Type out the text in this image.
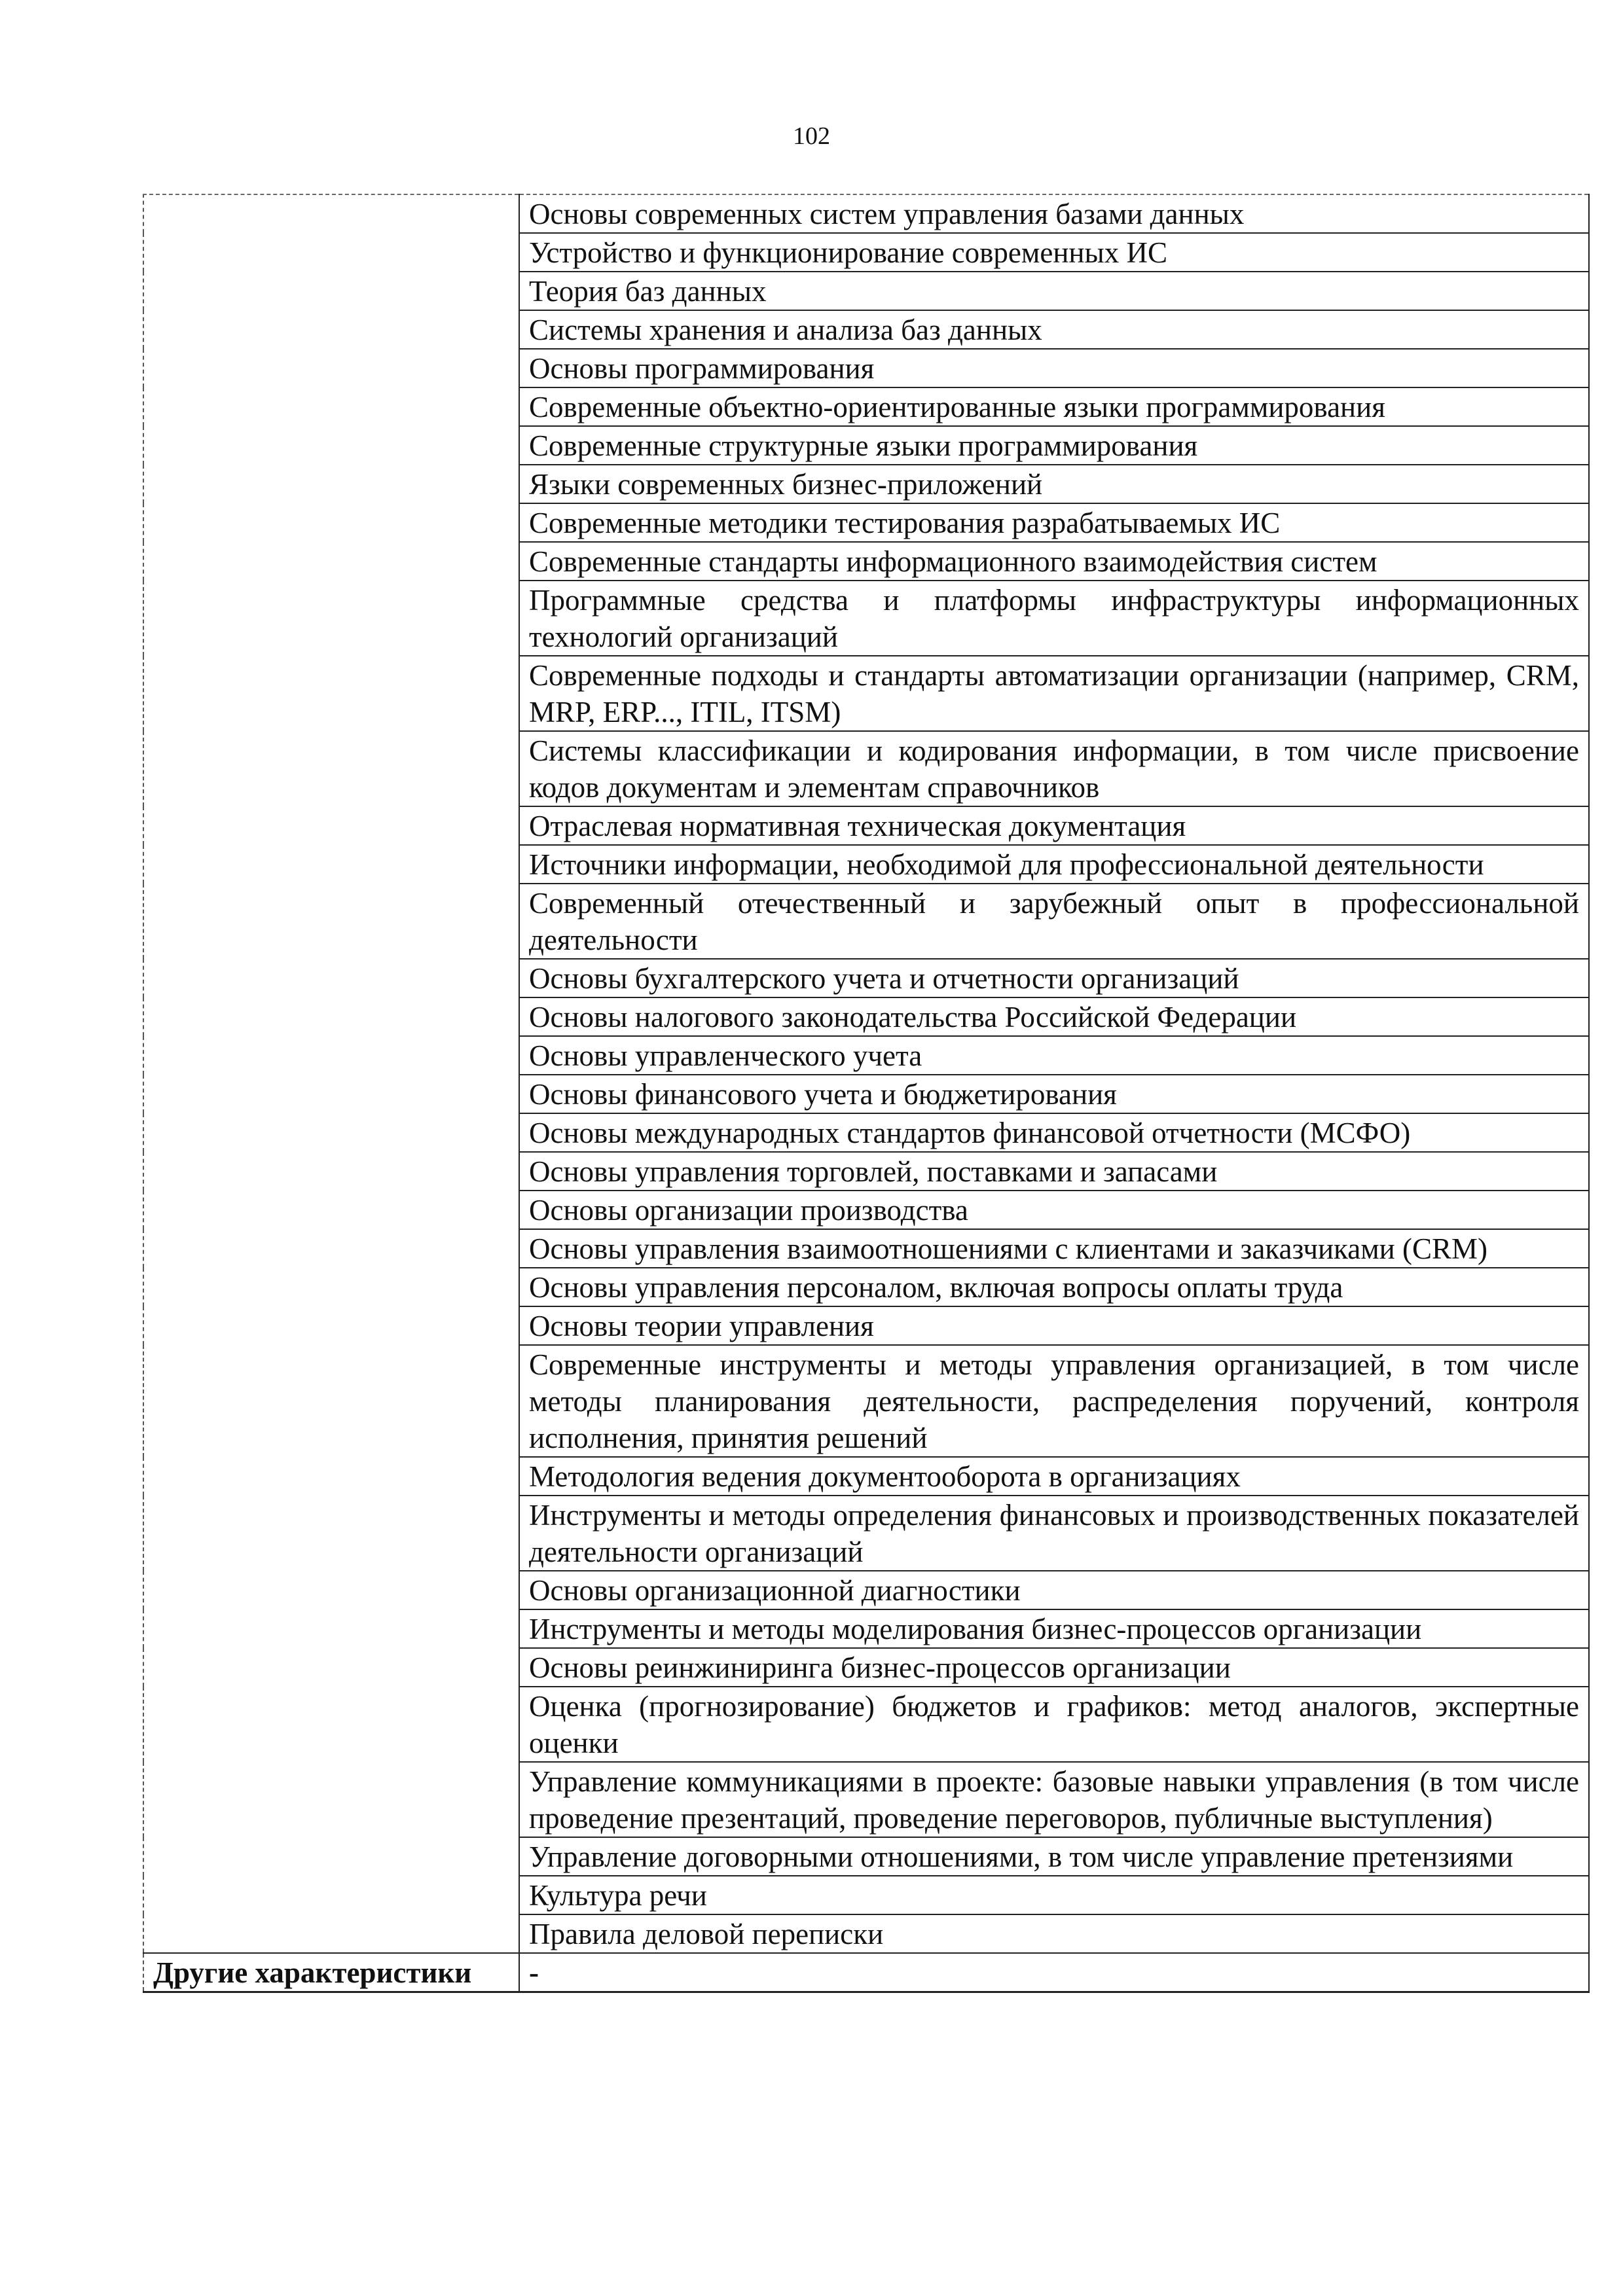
102
	Основы современных систем управления базами данных
	Устройство и функционирование современных ИС
	Теория баз данных
	Системы хранения и анализа баз данных
	Основы программирования
	Современные объектно-ориентированные языки программирования
	Современные структурные языки программирования
	Языки современных бизнес-приложений
	Современные методики тестирования разрабатываемых ИС
	Современные стандарты информационного взаимодействия систем
	Программные средства и платформы инфраструктуры информационных технологий организаций
	Современные подходы и стандарты автоматизации организации (например, CRM, MRP, ERP..., ITIL, ITSM)
	Системы классификации и кодирования информации, в том числе присвоение кодов документам и элементам справочников
	Отраслевая нормативная техническая документация
	Источники информации, необходимой для профессиональной деятельности
	Современный отечественный и зарубежный опыт в профессиональной деятельности
	Основы бухгалтерского учета и отчетности организаций
	Основы налогового законодательства Российской Федерации
	Основы управленческого учета
	Основы финансового учета и бюджетирования
	Основы международных стандартов финансовой отчетности (МСФО)
	Основы управления торговлей, поставками и запасами
	Основы организации производства
	Основы управления взаимоотношениями с клиентами и заказчиками (CRM)
	Основы управления персоналом, включая вопросы оплаты труда
	Основы теории управления
	Современные инструменты и методы управления организацией, в том числе методы планирования деятельности, распределения поручений, контроля исполнения, принятия решений
	Методология ведения документооборота в организациях
	Инструменты и методы определения финансовых и производственных показателей деятельности организаций
	Основы организационной диагностики
	Инструменты и методы моделирования бизнес-процессов организации
	Основы реинжиниринга бизнес-процессов организации
	Оценка (прогнозирование) бюджетов и графиков: метод аналогов, экспертные оценки
	Управление коммуникациями в проекте: базовые навыки управления (в том числе проведение презентаций, проведение переговоров, публичные выступления)
	Управление договорными отношениями, в том числе управление претензиями
	Культура речи
	Правила деловой переписки
Другие характеристики	-
